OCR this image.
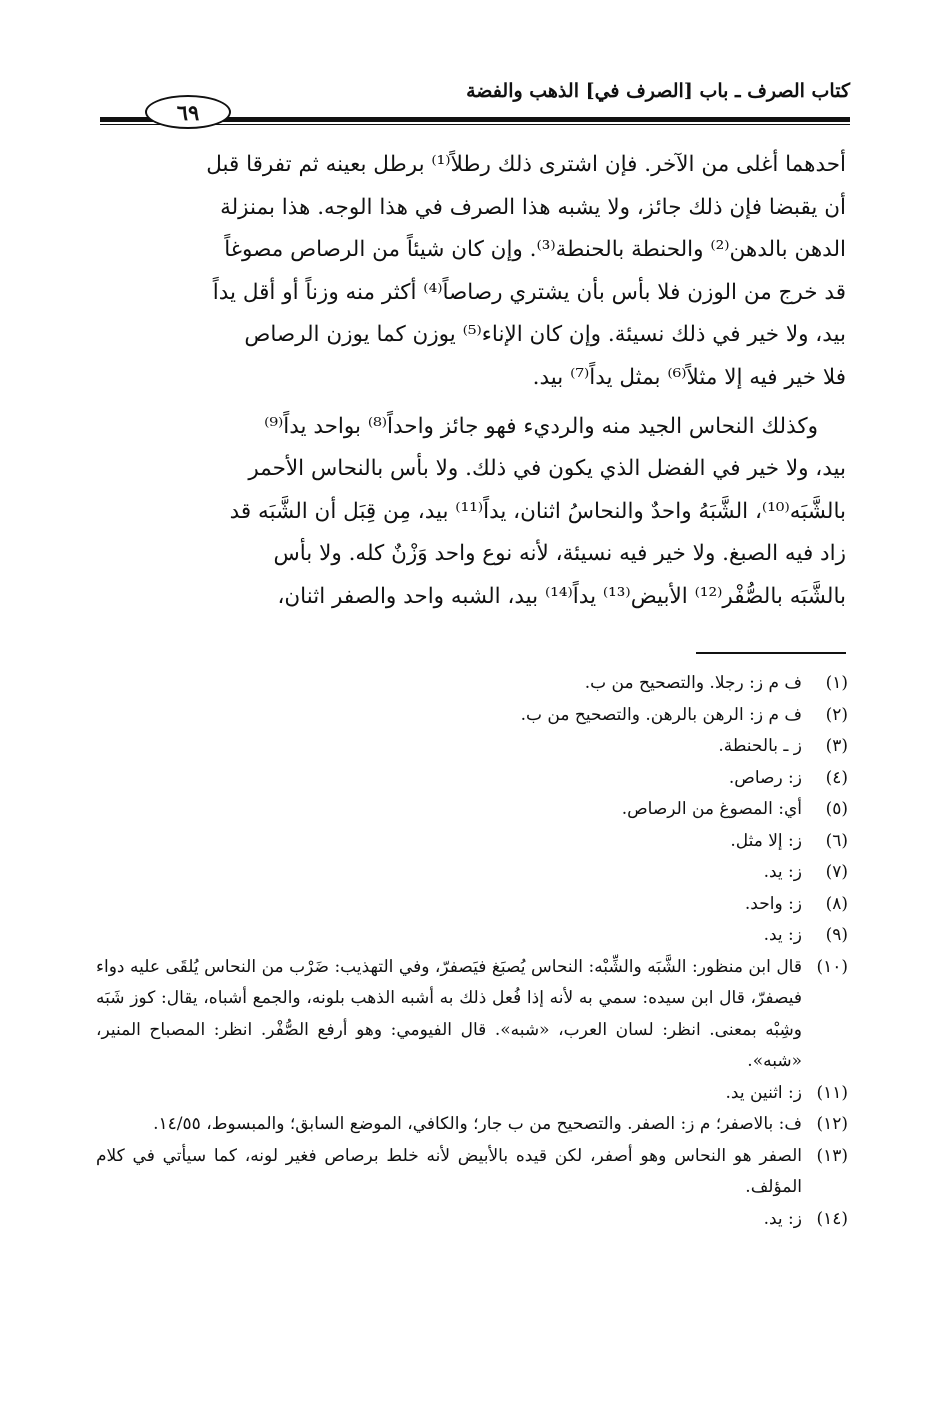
كتاب الصرف ـ باب [الصرف في] الذهب والفضة
٦٩
أحدهما أغلى من الآخر. فإن اشترى ذلك رطلاً⁽¹⁾ برطل بعينه ثم تفرقا قبل
أن يقبضا فإن ذلك جائز، ولا يشبه هذا الصرف في هذا الوجه. هذا بمنزلة
الدهن بالدهن⁽²⁾ والحنطة بالحنطة⁽³⁾. وإن كان شيئاً من الرصاص مصوغاً
قد خرج من الوزن فلا بأس بأن يشتري رصاصاً⁽⁴⁾ أكثر منه وزناً أو أقل يداً
بيد، ولا خير في ذلك نسيئة. وإن كان الإناء⁽⁵⁾ يوزن كما يوزن الرصاص
فلا خير فيه إلا مثلاً⁽⁶⁾ بمثل يداً⁽⁷⁾ بيد.
وكذلك النحاس الجيد منه والرديء فهو جائز واحداً⁽⁸⁾ بواحد يداً⁽⁹⁾
بيد، ولا خير في الفضل الذي يكون في ذلك. ولا بأس بالنحاس الأحمر
بالشَّبَه⁽¹⁰⁾، الشَّبَهُ واحدٌ والنحاسُ اثنان، يداً⁽¹¹⁾ بيد، مِن قِبَل أن الشَّبَه قد
زاد فيه الصبغ. ولا خير فيه نسيئة، لأنه نوع واحد وَزْنٌ كله. ولا بأس
بالشَّبَه بالصُّفْر⁽¹²⁾ الأبيض⁽¹³⁾ يداً⁽¹⁴⁾ بيد، الشبه واحد والصفر اثنان،
(١)
ف م ز: رجلا. والتصحيح من ب.
(٢)
ف م ز: الرهن بالرهن. والتصحيح من ب.
(٣)
ز ـ بالحنطة.
(٤)
ز: رصاص.
(٥)
أي: المصوغ من الرصاص.
(٦)
ز: إلا مثل.
(٧)
ز: يد.
(٨)
ز: واحد.
(٩)
ز: يد.
(١٠)
قال ابن منظور: الشَّبَه والشِّبْه: النحاس يُصبَغ فيَصفرّ، وفي التهذيب: ضَرْب من النحاس يُلقَى عليه دواء فيصفرّ، قال ابن سيده: سمي به لأنه إذا فُعل ذلك به أشبه الذهب بلونه، والجمع أشباه، يقال: كوز شَبَه وشِبْه بمعنى. انظر: لسان العرب، «شبه». قال الفيومي: وهو أرفع الصُّفْر. انظر: المصباح المنير، «شبه».
(١١)
ز: اثنين يد.
(١٢)
ف: بالاصفر؛ م ز: الصفر. والتصحيح من ب جار؛ والكافي، الموضع السابق؛ والمبسوط، ١٤/٥٥.
(١٣)
الصفر هو النحاس وهو أصفر، لكن قيده بالأبيض لأنه خلط برصاص فغير لونه، كما سيأتي في كلام المؤلف.
(١٤)
ز: يد.
